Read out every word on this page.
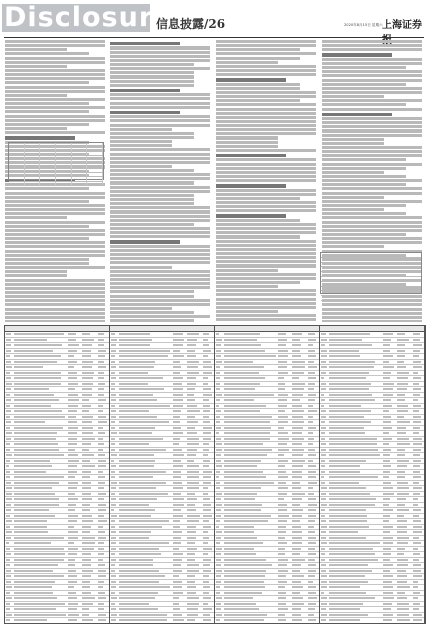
Disclosure
信息披露/26	2020年8月15日 星期六 上海证券
